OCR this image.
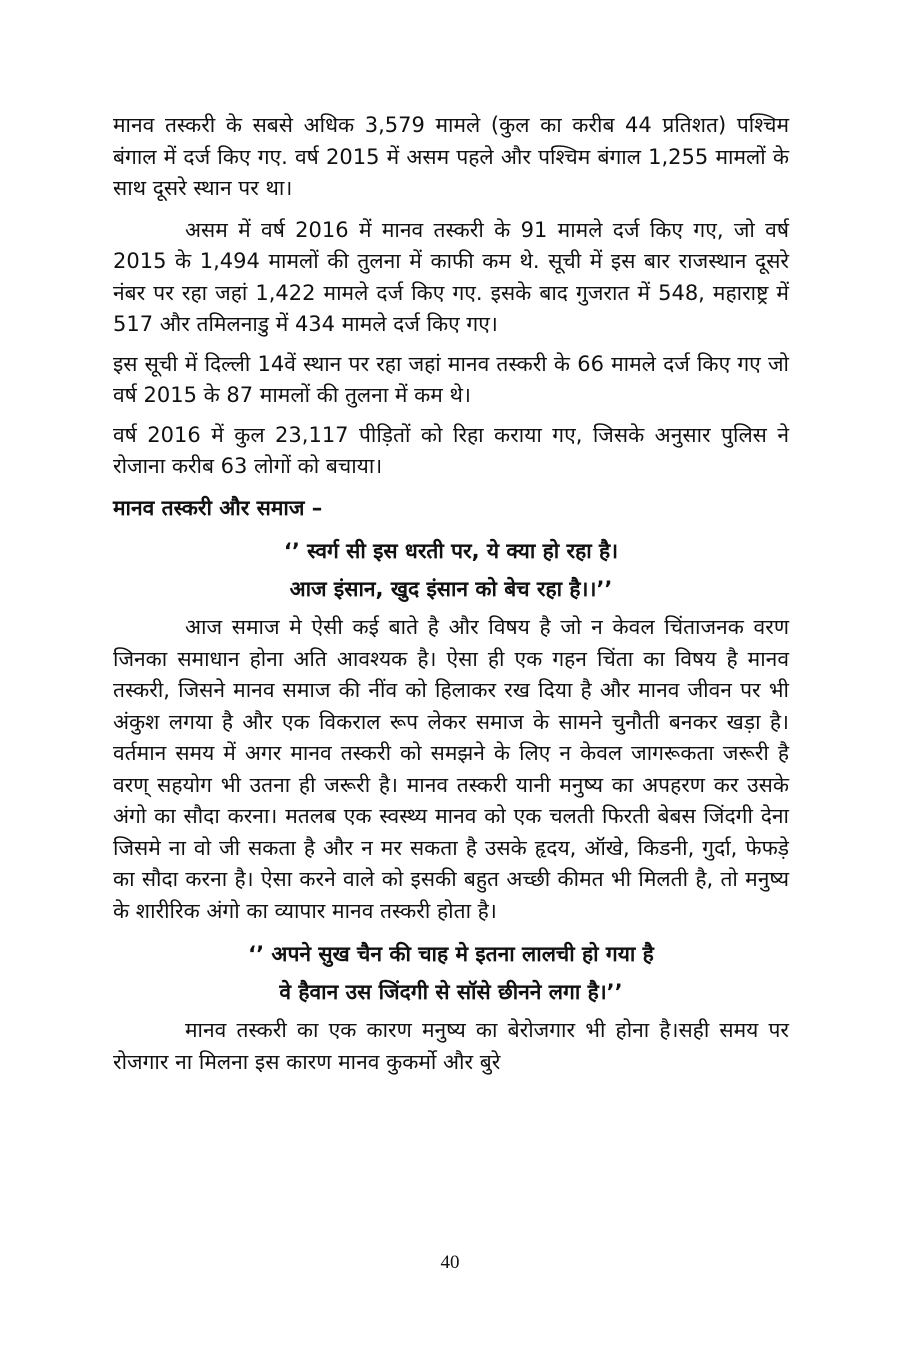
मानव तस्करी के सबसे अधिक 3,579 मामले (कुल का करीब 44 प्रतिशत) पश्चिम बंगाल में दर्ज किए गए. वर्ष 2015 में असम पहले और पश्चिम बंगाल 1,255 मामलों के साथ दूसरे स्थान पर था।

असम में वर्ष 2016 में मानव तस्करी के 91 मामले दर्ज किए गए, जो वर्ष 2015 के 1,494 मामलों की तुलना में काफी कम थे. सूची में इस बार राजस्थान दूसरे नंबर पर रहा जहां 1,422 मामले दर्ज किए गए. इसके बाद गुजरात में 548, महाराष्ट्र में 517 और तमिलनाडु में 434 मामले दर्ज किए गए।

इस सूची में दिल्ली 14वें स्थान पर रहा जहां मानव तस्करी के 66 मामले दर्ज किए गए जो वर्ष 2015 के 87 मामलों की तुलना में कम थे।

वर्ष 2016 में कुल 23,117 पीड़ितों को रिहा कराया गए, जिसके अनुसार पुलिस ने रोजाना करीब 63 लोगों को बचाया।

मानव तस्करी और समाज –

‘’ स्वर्ग सी इस धरती पर, ये क्या हो रहा है।

आज इंसान, खुद इंसान को बेच रहा है।।’’

आज समाज मे ऐसी कई बाते है और विषय है जो न केवल चिंताजनक वरण जिनका समाधान होना अति आवश्यक है। ऐसा ही एक गहन चिंता का विषय है मानव तस्करी, जिसने मानव समाज की नींव को हिलाकर रख दिया है और मानव जीवन पर भी अंकुश लगया है और एक विकराल रूप लेकर समाज के सामने चुनौती बनकर खड़ा है। वर्तमान समय में अगर मानव तस्करी को समझने के लिए न केवल जागरूकता जरूरी है वरण् सहयोग भी उतना ही जरूरी है। मानव तस्करी यानी मनुष्य का अपहरण कर उसके अंगो का सौदा करना। मतलब एक स्वस्थ्य मानव को एक चलती फिरती बेबस जिंदगी देना जिसमे ना वो जी सकता है और न मर सकता है उसके हृदय, ऑखे, किडनी, गुर्दा, फेफड़े का सौदा करना है। ऐसा करने वाले को इसकी बहुत अच्छी कीमत भी मिलती है, तो मनुष्य के शारीरिक अंगो का व्यापार मानव तस्करी होता है।

‘’ अपने सुख चैन की चाह मे इतना लालची हो गया है

वे हैवान उस जिंदगी से सॉसे छीनने लगा है।’’

मानव तस्करी का एक कारण मनुष्य का बेरोजगार भी होना है।सही समय पर रोजगार ना मिलना इस कारण मानव कुकर्मो और बुरे

40
